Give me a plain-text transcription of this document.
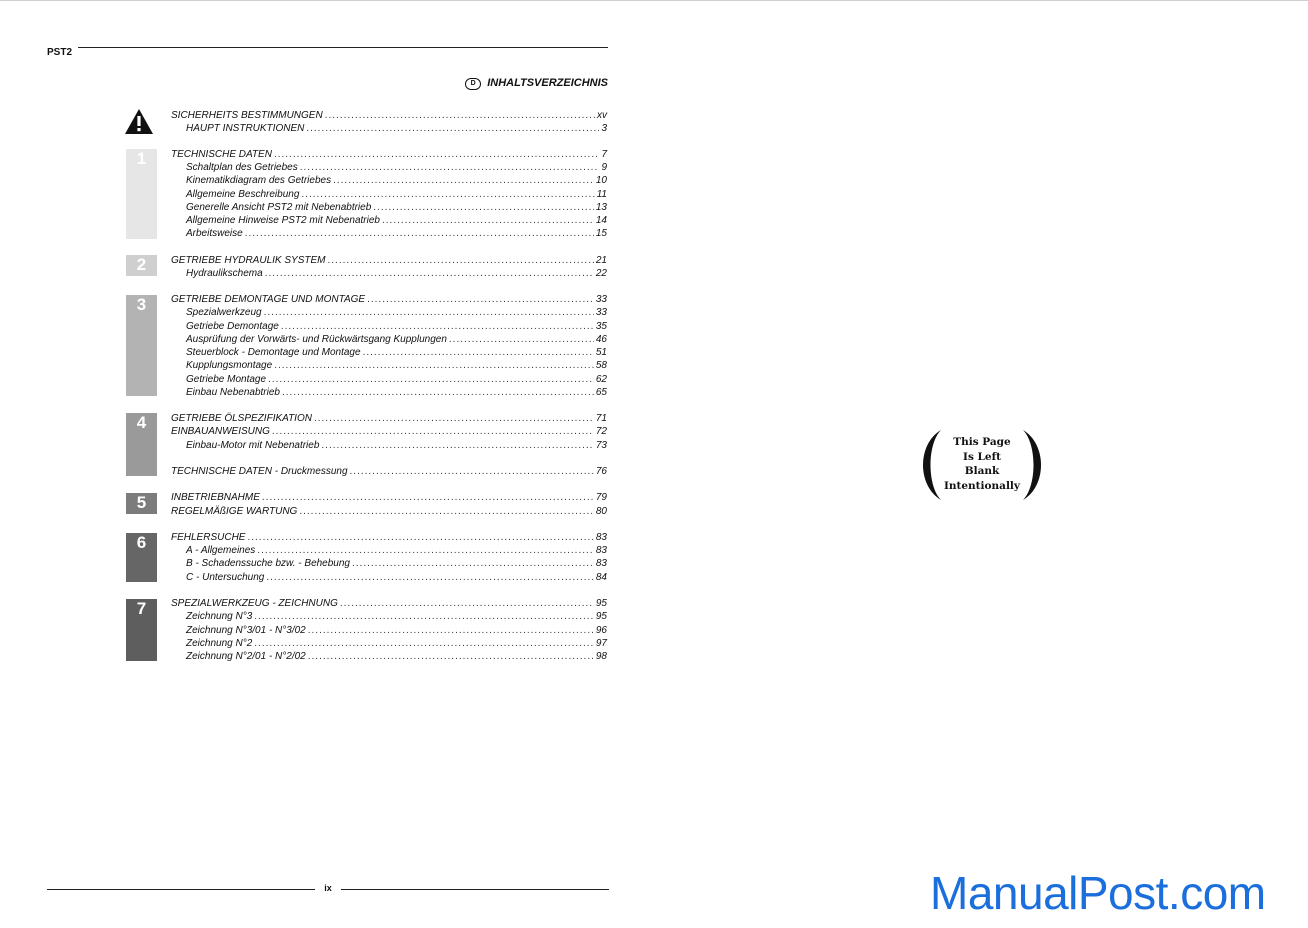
PST2
D INHALTSVERZEICHNIS
1
2
3
4
5
6
7
SICHERHEITS BESTIMMUNGEN .....	xv
HAUPT INSTRUKTIONEN .....	3
TECHNISCHE DATEN .....	7
Schaltplan des Getriebes .....	9
Kinematikdiagram des Getriebes .....	10
Allgemeine Beschreibung .....	11
Generelle Ansicht PST2 mit Nebenabtrieb .....	13
Allgemeine Hinweise PST2 mit Nebenatrieb .....	14
Arbeitsweise .....	15
GETRIEBE HYDRAULIK SYSTEM .....	21
Hydraulikschema .....	22
GETRIEBE DEMONTAGE UND MONTAGE .....	33
Spezialwerkzeug .....	33
Getriebe Demontage .....	35
Ausprüfung der Vorwärts- und Rückwärtsgang Kupplungen .....	46
Steuerblock - Demontage und Montage .....	51
Kupplungsmontage .....	58
Getriebe Montage .....	62
Einbau Nebenabtrieb .....	65
GETRIEBE ÖLSPEZIFIKATION .....	71
EINBAUANWEISUNG .....	72
Einbau-Motor mit Nebenatrieb .....	73
TECHNISCHE DATEN - Druckmessung .....	76
INBETRIEBNAHME .....	79
REGELMÄßIGE WARTUNG .....	80
FEHLERSUCHE .....	83
A - Allgemeines .....	83
B - Schadenssuche bzw. - Behebung .....	83
C - Untersuchung .....	84
SPEZIALWERKZEUG - ZEICHNUNG .....	95
Zeichnung N°3 .....	95
Zeichnung N°3/01 - N°3/02 .....	96
Zeichnung N°2 .....	97
Zeichnung N°2/01 - N°2/02 .....	98
ix
This Page
Is Left
Blank
Intentionally
ManualPost.com
